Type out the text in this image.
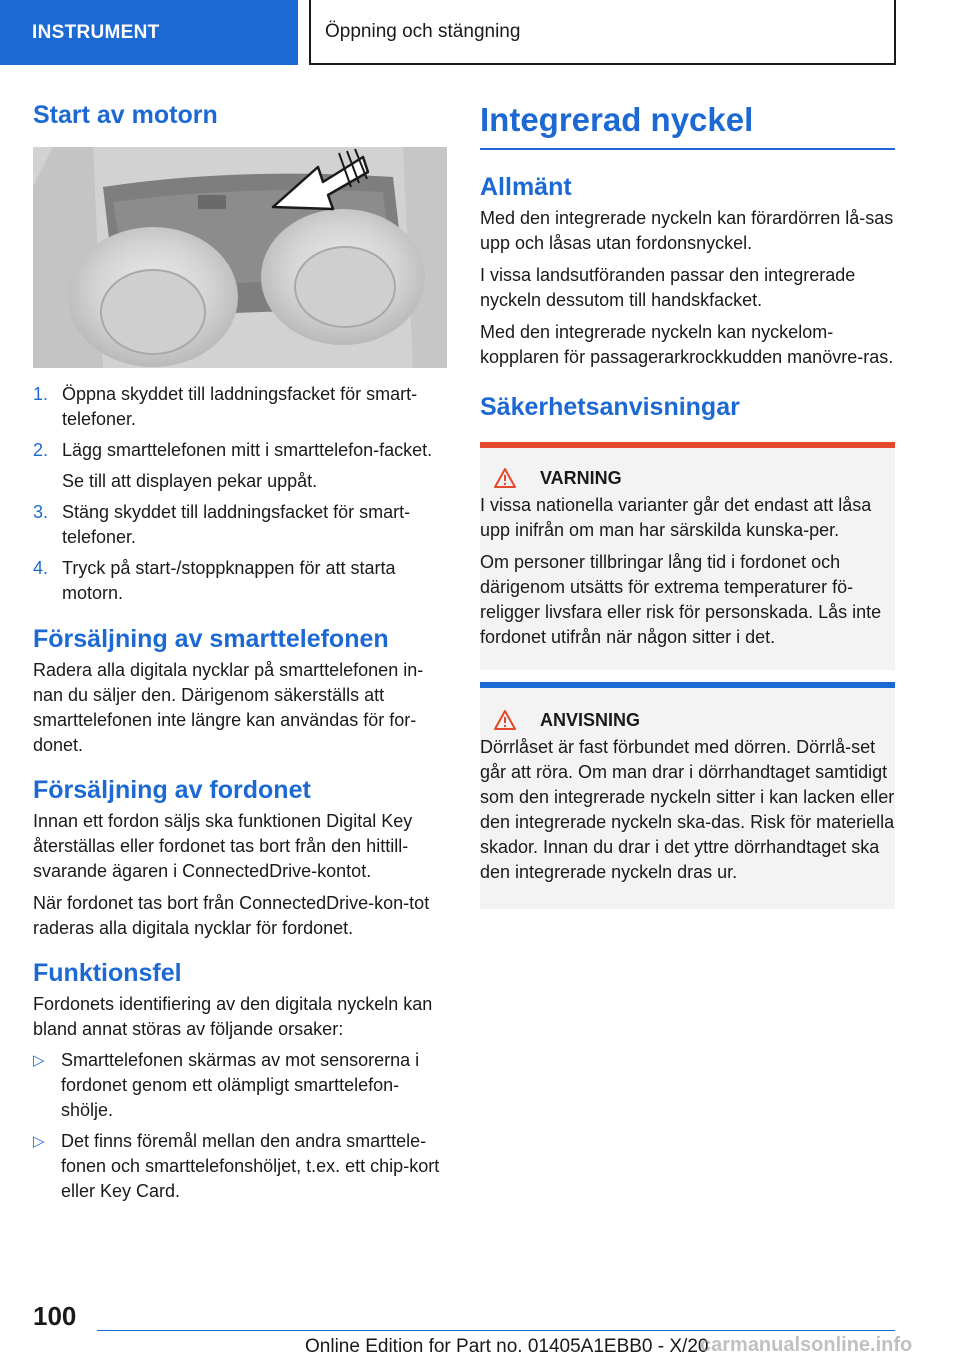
INSTRUMENT	Öppning och stängning
Start av motorn
1. Öppna skyddet till laddningsfacket för smart-telefoner.
2. Lägg smarttelefonen mitt i smarttelefon-facket.
Se till att displayen pekar uppåt.
3. Stäng skyddet till laddningsfacket för smart-telefoner.
4. Tryck på start-/stoppknappen för att starta motorn.
Försäljning av smarttelefonen

Radera alla digitala nycklar på smarttelefonen in-nan du säljer den. Därigenom säkerställs att smarttelefonen inte längre kan användas för for-donet.

Försäljning av fordonet

Innan ett fordon säljs ska funktionen Digital Key återställas eller fordonet tas bort från den hittill-svarande ägaren i ConnectedDrive-kontot.

När fordonet tas bort från ConnectedDrive-kon-tot raderas alla digitala nycklar för fordonet.

Funktionsfel

Fordonets identifiering av den digitala nyckeln kan bland annat störas av följande orsaker:

▷ Smarttelefonen skärmas av mot sensorerna i fordonet genom ett olämpligt smarttelefon-shölje.
▷ Det finns föremål mellan den andra smarttele-fonen och smarttelefonshöljet, t.ex. ett chip-kort eller Key Card.
Integrerad nyckel
Allmänt

Med den integrerade nyckeln kan förardörren lå-sas upp och låsas utan fordonsnyckel.

I vissa landsutföranden passar den integrerade nyckeln dessutom till handskfacket.

Med den integrerade nyckeln kan nyckelom-kopplaren för passagerarkrockkudden manövre-ras.

Säkerhetsanvisningar
VARNING

I vissa nationella varianter går det endast att låsa upp inifrån om man har särskilda kunska-per.

Om personer tillbringar lång tid i fordonet och därigenom utsätts för extrema temperaturer fö-religger livsfara eller risk för personskada. Lås inte fordonet utifrån när någon sitter i det.

ANVISNING

Dörrlåset är fast förbundet med dörren. Dörrlå-set går att röra. Om man drar i dörrhandtaget samtidigt som den integrerade nyckeln sitter i kan lacken eller den integrerade nyckeln ska-das. Risk för materiella skador. Innan du drar i det yttre dörrhandtaget ska den integrerade nyckeln dras ur.

100
Online Edition for Part no. 01405A1EBB0 - X/20
carmanualsonline.info
